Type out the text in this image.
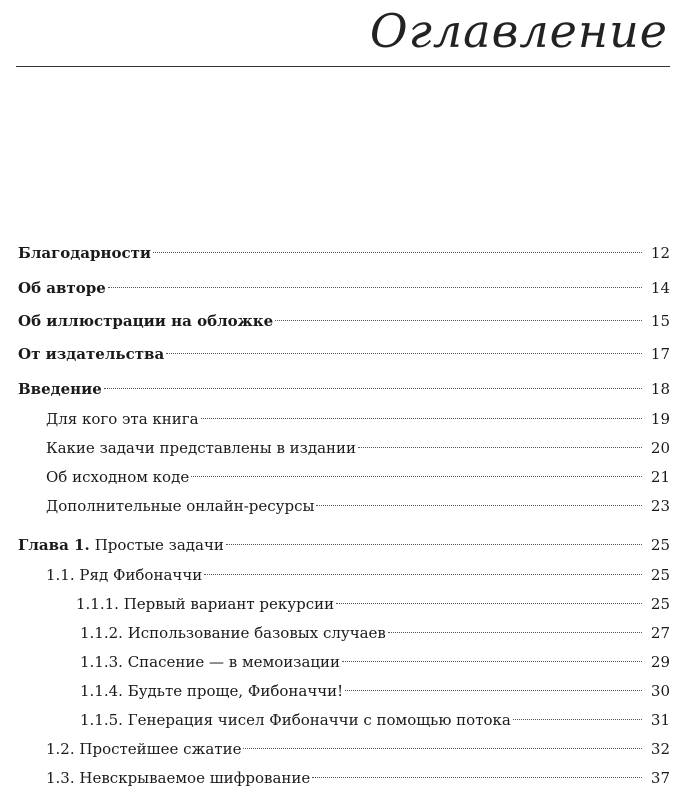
Оглавление
Благодарности	12
Об авторе	14
Об иллюстрации на обложке	15
От издательства	17
Введение	18
Для кого эта книга	19
Какие задачи представлены в издании	20
Об исходном коде	21
Дополнительные онлайн-ресурсы	23
Глава 1. Простые задачи	25
1.1. Ряд Фибоначчи	25
1.1.1. Первый вариант рекурсии	25
1.1.2. Использование базовых случаев	27
1.1.3. Спасение — в мемоизации	29
1.1.4. Будьте проще, Фибоначчи!	30
1.1.5. Генерация чисел Фибоначчи с помощью потока	31
1.2. Простейшее сжатие	32
1.3. Невскрываемое шифрование	37
